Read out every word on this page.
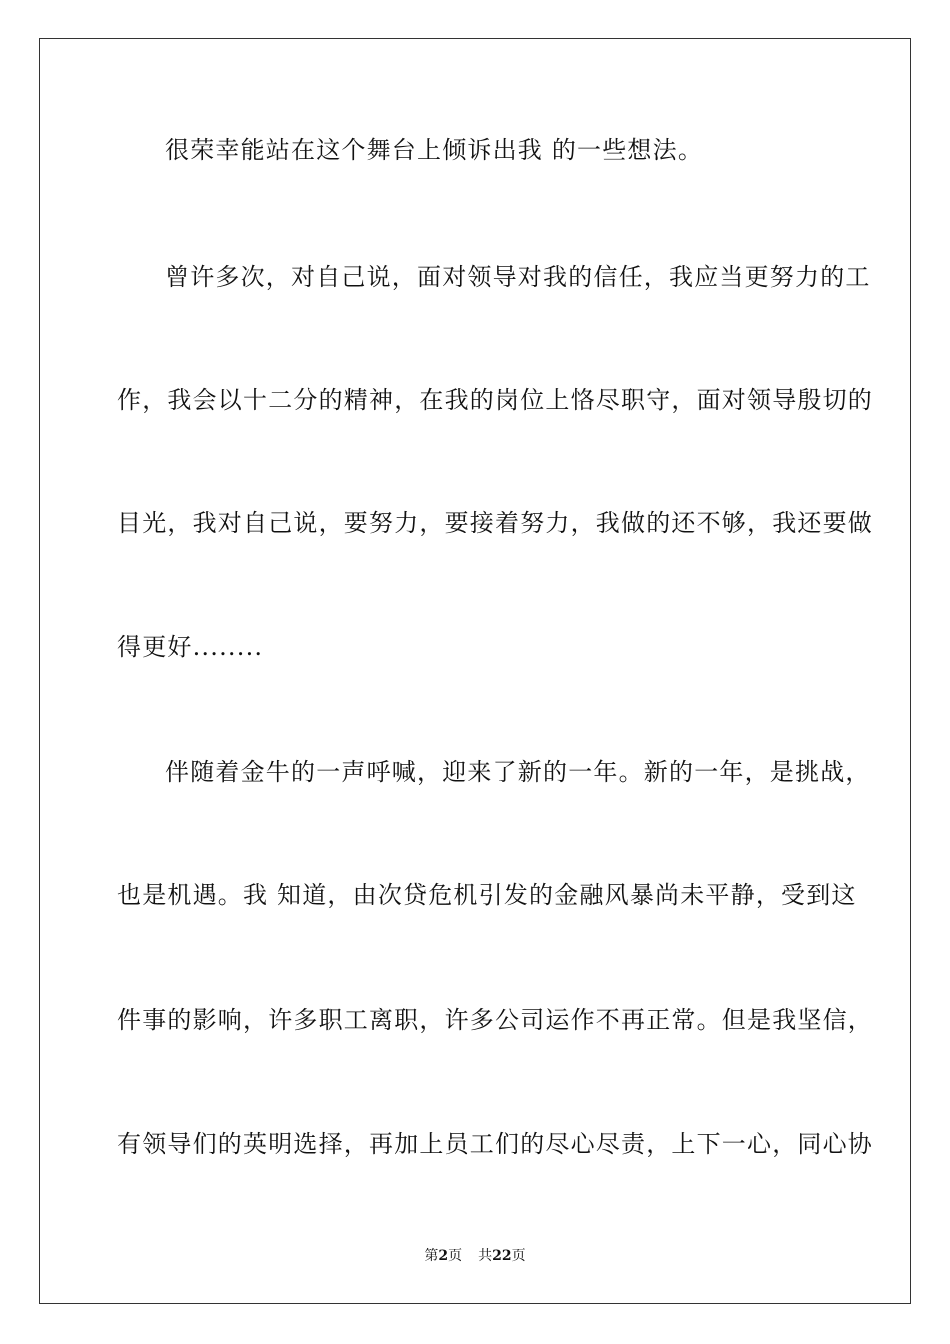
很荣幸能站在这个舞台上倾诉出我 的一些想法。
曾许多次，对自己说，面对领导对我的信任，我应当更努力的工
作，我会以十二分的精神，在我的岗位上恪尽职守，面对领导殷切的
目光，我对自己说，要努力，要接着努力，我做的还不够，我还要做
得更好........
伴随着金牛的一声呼喊，迎来了新的一年。新的一年，是挑战，
也是机遇。我 知道，由次贷危机引发的金融风暴尚未平静，受到这
件事的影响，许多职工离职，许多公司运作不再正常。但是我坚信，
有领导们的英明选择，再加上员工们的尽心尽责，上下一心，同心协
第2页 共22页
